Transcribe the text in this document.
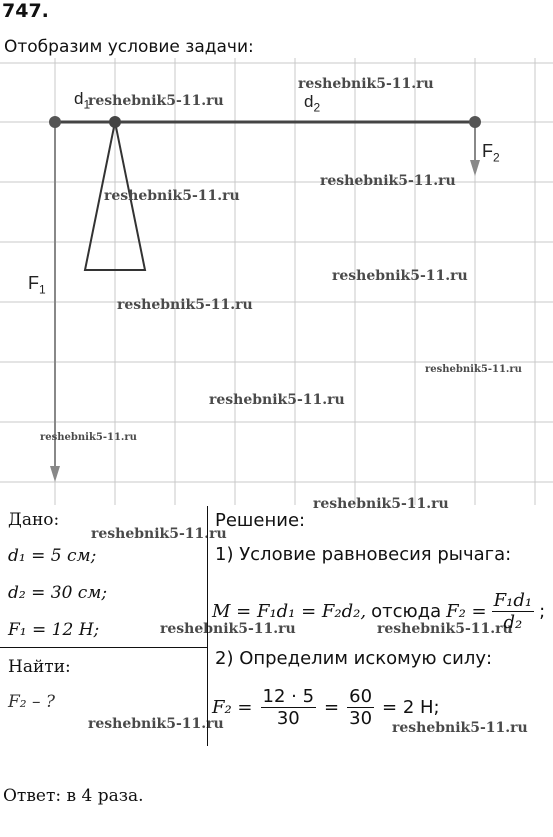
747.
Отобразим условие задачи:
$d_1$	$d_2$
$F_2$
$F_1$
reshebnik5-11.ru
reshebnik5-11.ru
reshebnik5-11.ru
reshebnik5-11.ru
reshebnik5-11.ru
reshebnik5-11.ru
reshebnik5-11.ru
reshebnik5-11.ru
reshebnik5-11.ru
reshebnik5-11.ru
reshebnik5-11.ru
reshebnik5-11.ru	reshebnik5-11.ru
reshebnik5-11.ru	reshebnik5-11.ru
Дано:
d₁ = 5 см;
d₂ = 30 см;
F₁ = 12 Н;
Найти:
F₂ – ?
Решение:
1) Условие равновесия рычага:
M = F₁d₁ = F₂d₂, отсюда $F_2 = \frac{\text{F₁d₁}}{\text{d₂}}$ ;
2) Определим искомую силу:
$F_2 = \frac{12 \cdot 5}{30} = \frac{60}{30} = 2$ Н;
Ответ: в 4 раза.
